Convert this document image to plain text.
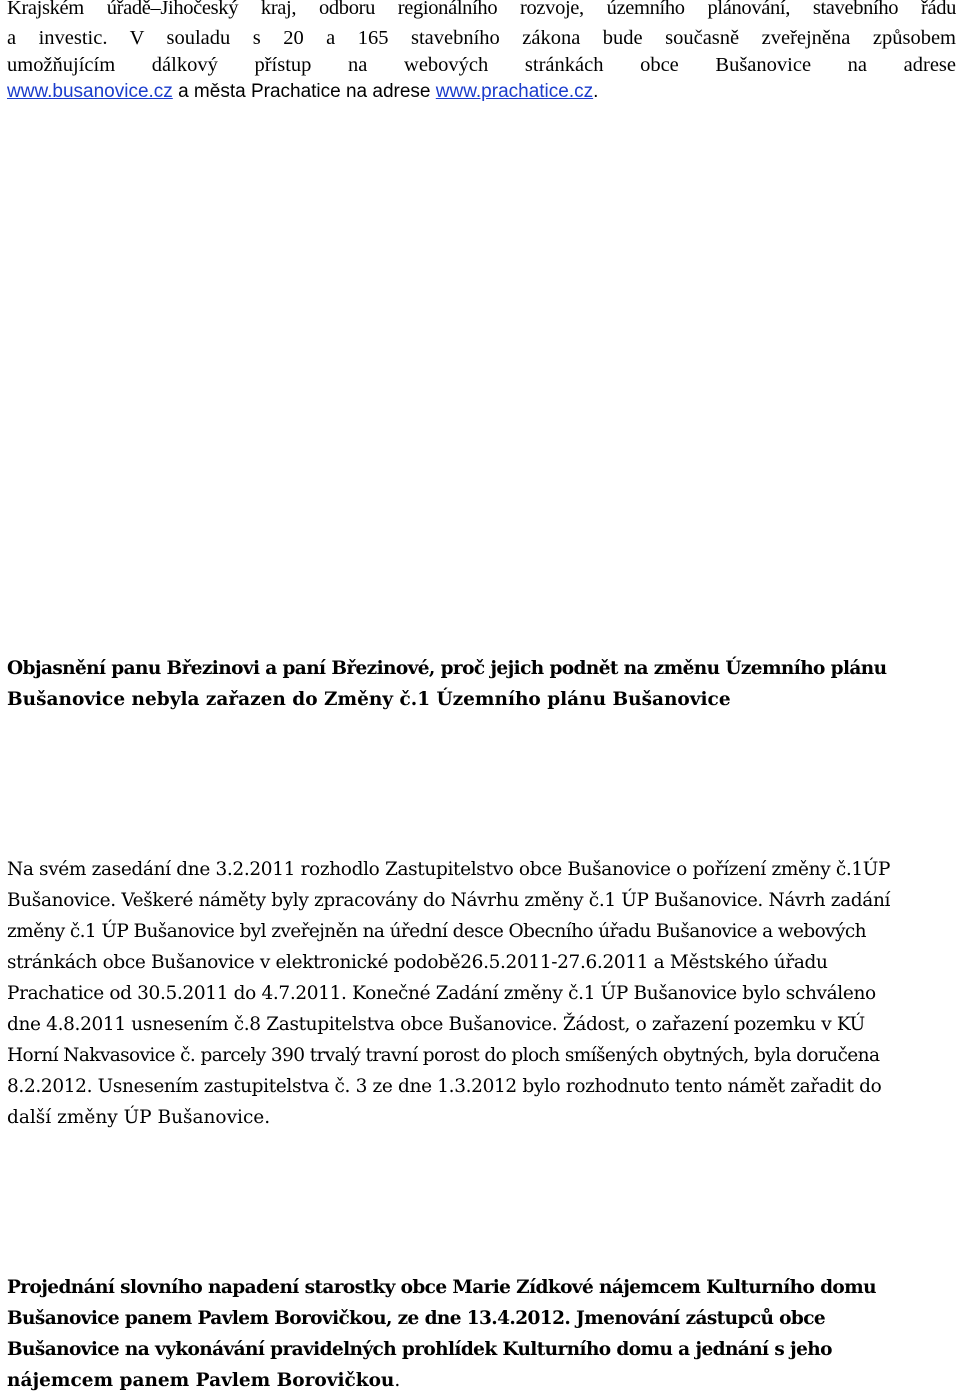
Krajském úřadě–Jihočeský kraj, odboru regionálního rozvoje, územního plánování, stavebního řádu
a investic. V souladu s 20 a 165 stavebního zákona bude současně zveřejněna způsobem
umožňujícím dálkový přístup na webových stránkách obce Bušanovice na adrese
www.busanovice.cz a města Prachatice na adrese www.prachatice.cz.
Objasnění panu Březinovi a paní Březinové, proč jejich podnět na změnu Územního plánu
Bušanovice nebyla zařazen do Změny č.1 Územního plánu Bušanovice
Na svém zasedání dne 3.2.2011 rozhodlo Zastupitelstvo obce Bušanovice o pořízení změny č.1ÚP
Bušanovice. Veškeré náměty byly zpracovány do Návrhu změny č.1 ÚP Bušanovice. Návrh zadání
změny č.1 ÚP Bušanovice byl zveřejněn na úřední desce Obecního úřadu Bušanovice a webových
stránkách obce Bušanovice v elektronické podobě26.5.2011-27.6.2011 a Městského úřadu
Prachatice od 30.5.2011 do 4.7.2011. Konečné Zadání změny č.1 ÚP Bušanovice bylo schváleno
dne 4.8.2011 usnesením č.8 Zastupitelstva obce Bušanovice. Žádost, o zařazení pozemku v KÚ
Horní Nakvasovice č. parcely 390 trvalý travní porost do ploch smíšených obytných, byla doručena
8.2.2012. Usnesením zastupitelstva č. 3 ze dne 1.3.2012 bylo rozhodnuto tento námět zařadit do
další změny ÚP Bušanovice.
Projednání slovního napadení starostky obce Marie Zídkové nájemcem Kulturního domu
Bušanovice panem Pavlem Borovičkou, ze dne 13.4.2012. Jmenování zástupců obce
Bušanovice na vykonávání pravidelných prohlídek Kulturního domu a jednání s jeho
nájemcem panem Pavlem Borovičkou.
